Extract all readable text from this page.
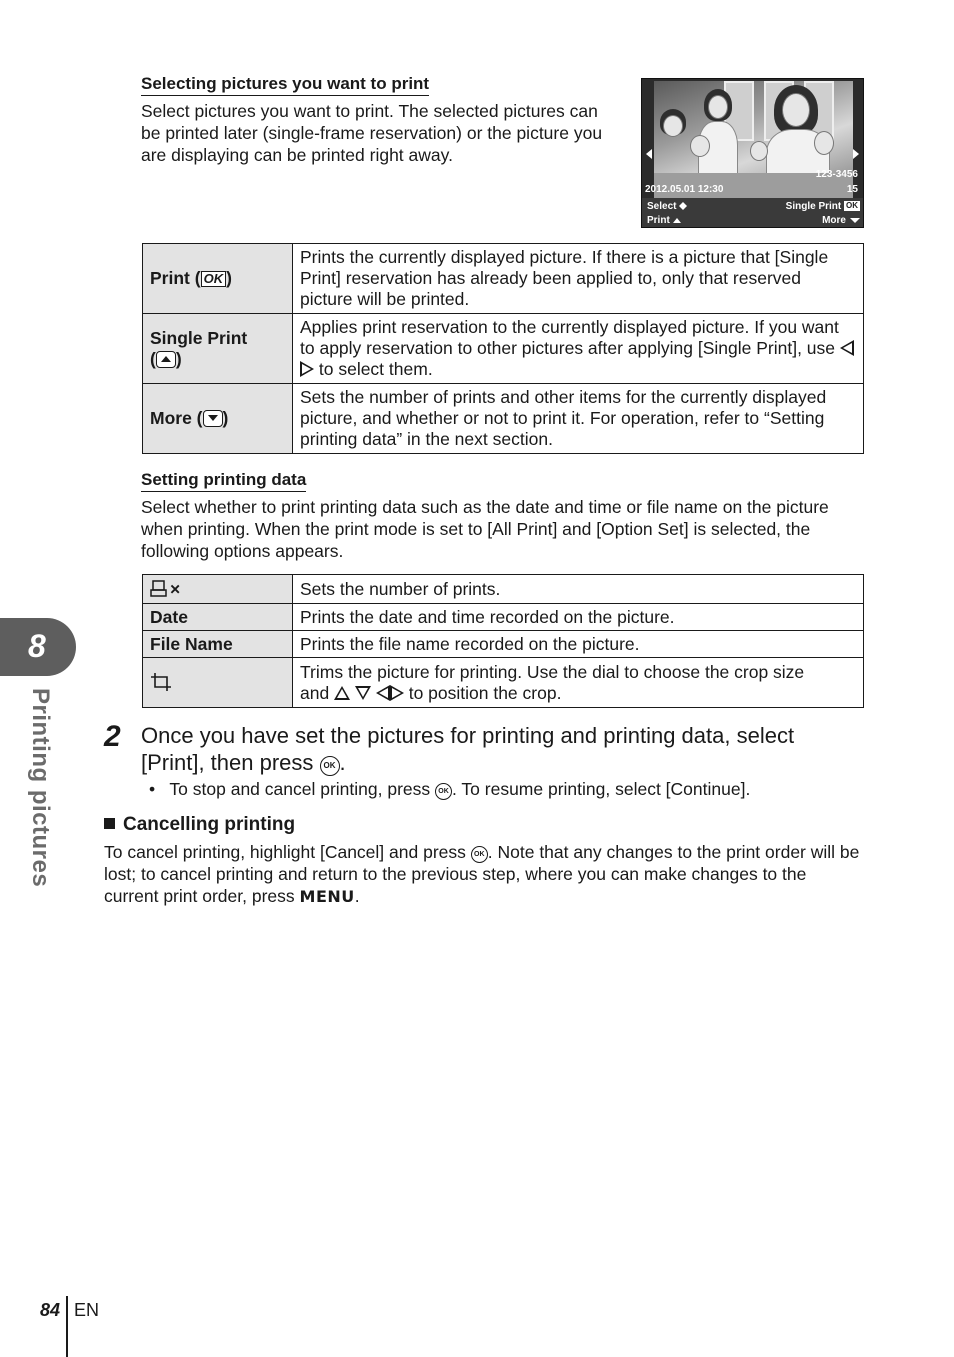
Selecting pictures you want to print
Select pictures you want to print. The selected pictures can be printed later (single-frame reservation) or the picture you are displaying can be printed right away.
123-3456
15
2012.05.01 12:30
Select	Single Print OK
Print	More
Print ( OK )	Prints the currently displayed picture. If there is a picture that [Single Print] reservation has already been applied to, only that reserved picture will be printed.
Single Print
( )	Applies print reservation to the currently displayed picture. If you want to apply reservation to other pictures after applying [Single Print], use  to select them.
More ( )	Sets the number of prints and other items for the currently displayed picture, and whether or not to print it. For operation, refer to “Setting printing data” in the next section.
Setting printing data
Select whether to print printing data such as the date and time or file name on the picture when printing. When the print mode is set to [All Print] and [Option Set] is selected, the following options appears.
×	Sets the number of prints.
Date	Prints the date and time recorded on the picture.
File Name	Prints the file name recorded on the picture.
	Trims the picture for printing. Use the dial to choose the crop size
and to position the crop.
2 Once you have set the pictures for printing and printing data, select [Print], then press OK .
• To stop and cancel printing, press OK . To resume printing, select [Continue].
Cancelling printing
To cancel printing, highlight [Cancel] and press OK . Note that any changes to the print order will be lost; to cancel printing and return to the previous step, where you can make changes to the current print order, press MENU.
8
Printing pictures
84 EN
